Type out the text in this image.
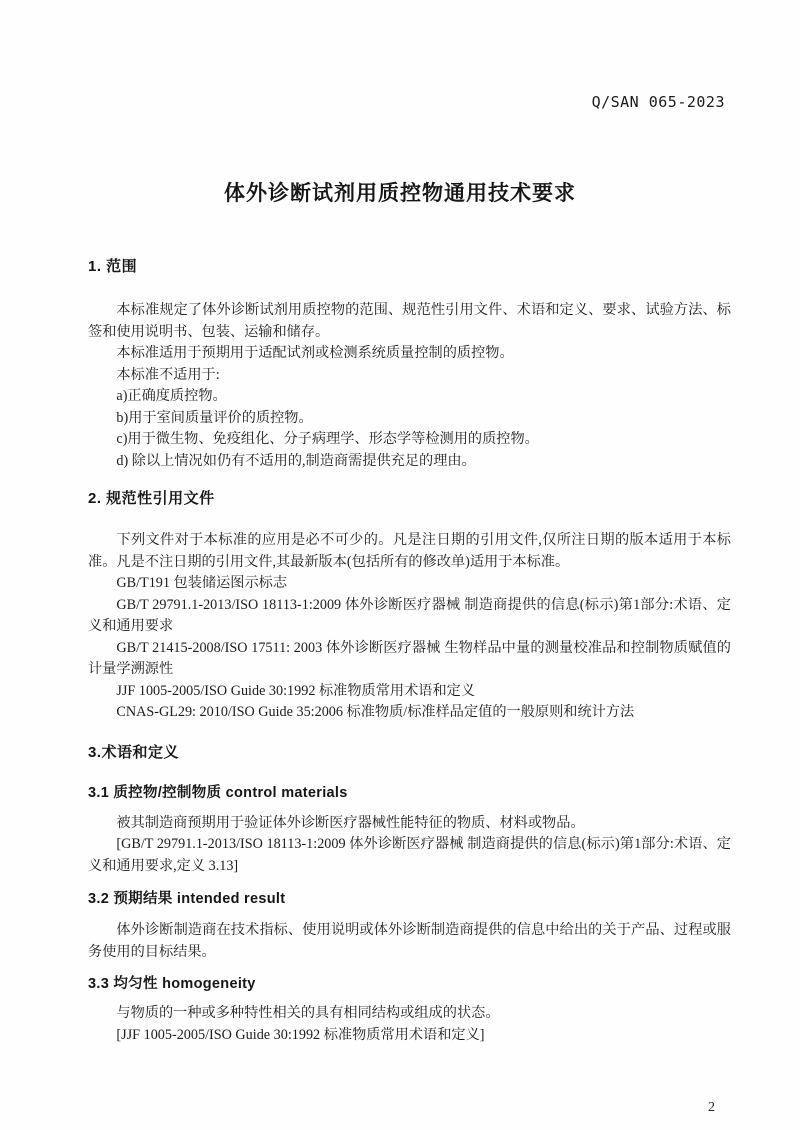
Q/SAN 065-2023
体外诊断试剂用质控物通用技术要求
1. 范围

本标准规定了体外诊断试剂用质控物的范围、规范性引用文件、术语和定义、要求、试验方法、标签和使用说明书、包装、运输和储存。

本标准适用于预期用于适配试剂或检测系统质量控制的质控物。

本标准不适用于:

a)正确度质控物。

b)用于室间质量评价的质控物。

c)用于微生物、免疫组化、分子病理学、形态学等检测用的质控物。

d) 除以上情况如仍有不适用的,制造商需提供充足的理由。

2. 规范性引用文件

下列文件对于本标准的应用是必不可少的。凡是注日期的引用文件,仅所注日期的版本适用于本标准。凡是不注日期的引用文件,其最新版本(包括所有的修改单)适用于本标准。

GB/T191 包装储运图示标志

GB/T 29791.1-2013/ISO 18113-1:2009 体外诊断医疗器械 制造商提供的信息(标示)第1部分:术语、定义和通用要求

GB/T 21415-2008/ISO 17511: 2003 体外诊断医疗器械 生物样品中量的测量校准品和控制物质赋值的计量学溯源性

JJF 1005-2005/ISO Guide 30:1992 标准物质常用术语和定义

CNAS-GL29: 2010/ISO Guide 35:2006 标准物质/标准样品定值的一般原则和统计方法

3.术语和定义
3.1 质控物/控制物质 control materials

被其制造商预期用于验证体外诊断医疗器械性能特征的物质、材料或物品。

[GB/T 29791.1-2013/ISO 18113-1:2009 体外诊断医疗器械 制造商提供的信息(标示)第1部分:术语、定义和通用要求,定义 3.13]

3.2 预期结果 intended result

体外诊断制造商在技术指标、使用说明或体外诊断制造商提供的信息中给出的关于产品、过程或服务使用的目标结果。

3.3 均匀性 homogeneity

与物质的一种或多种特性相关的具有相同结构或组成的状态。

[JJF 1005-2005/ISO Guide 30:1992 标准物质常用术语和定义]

2
